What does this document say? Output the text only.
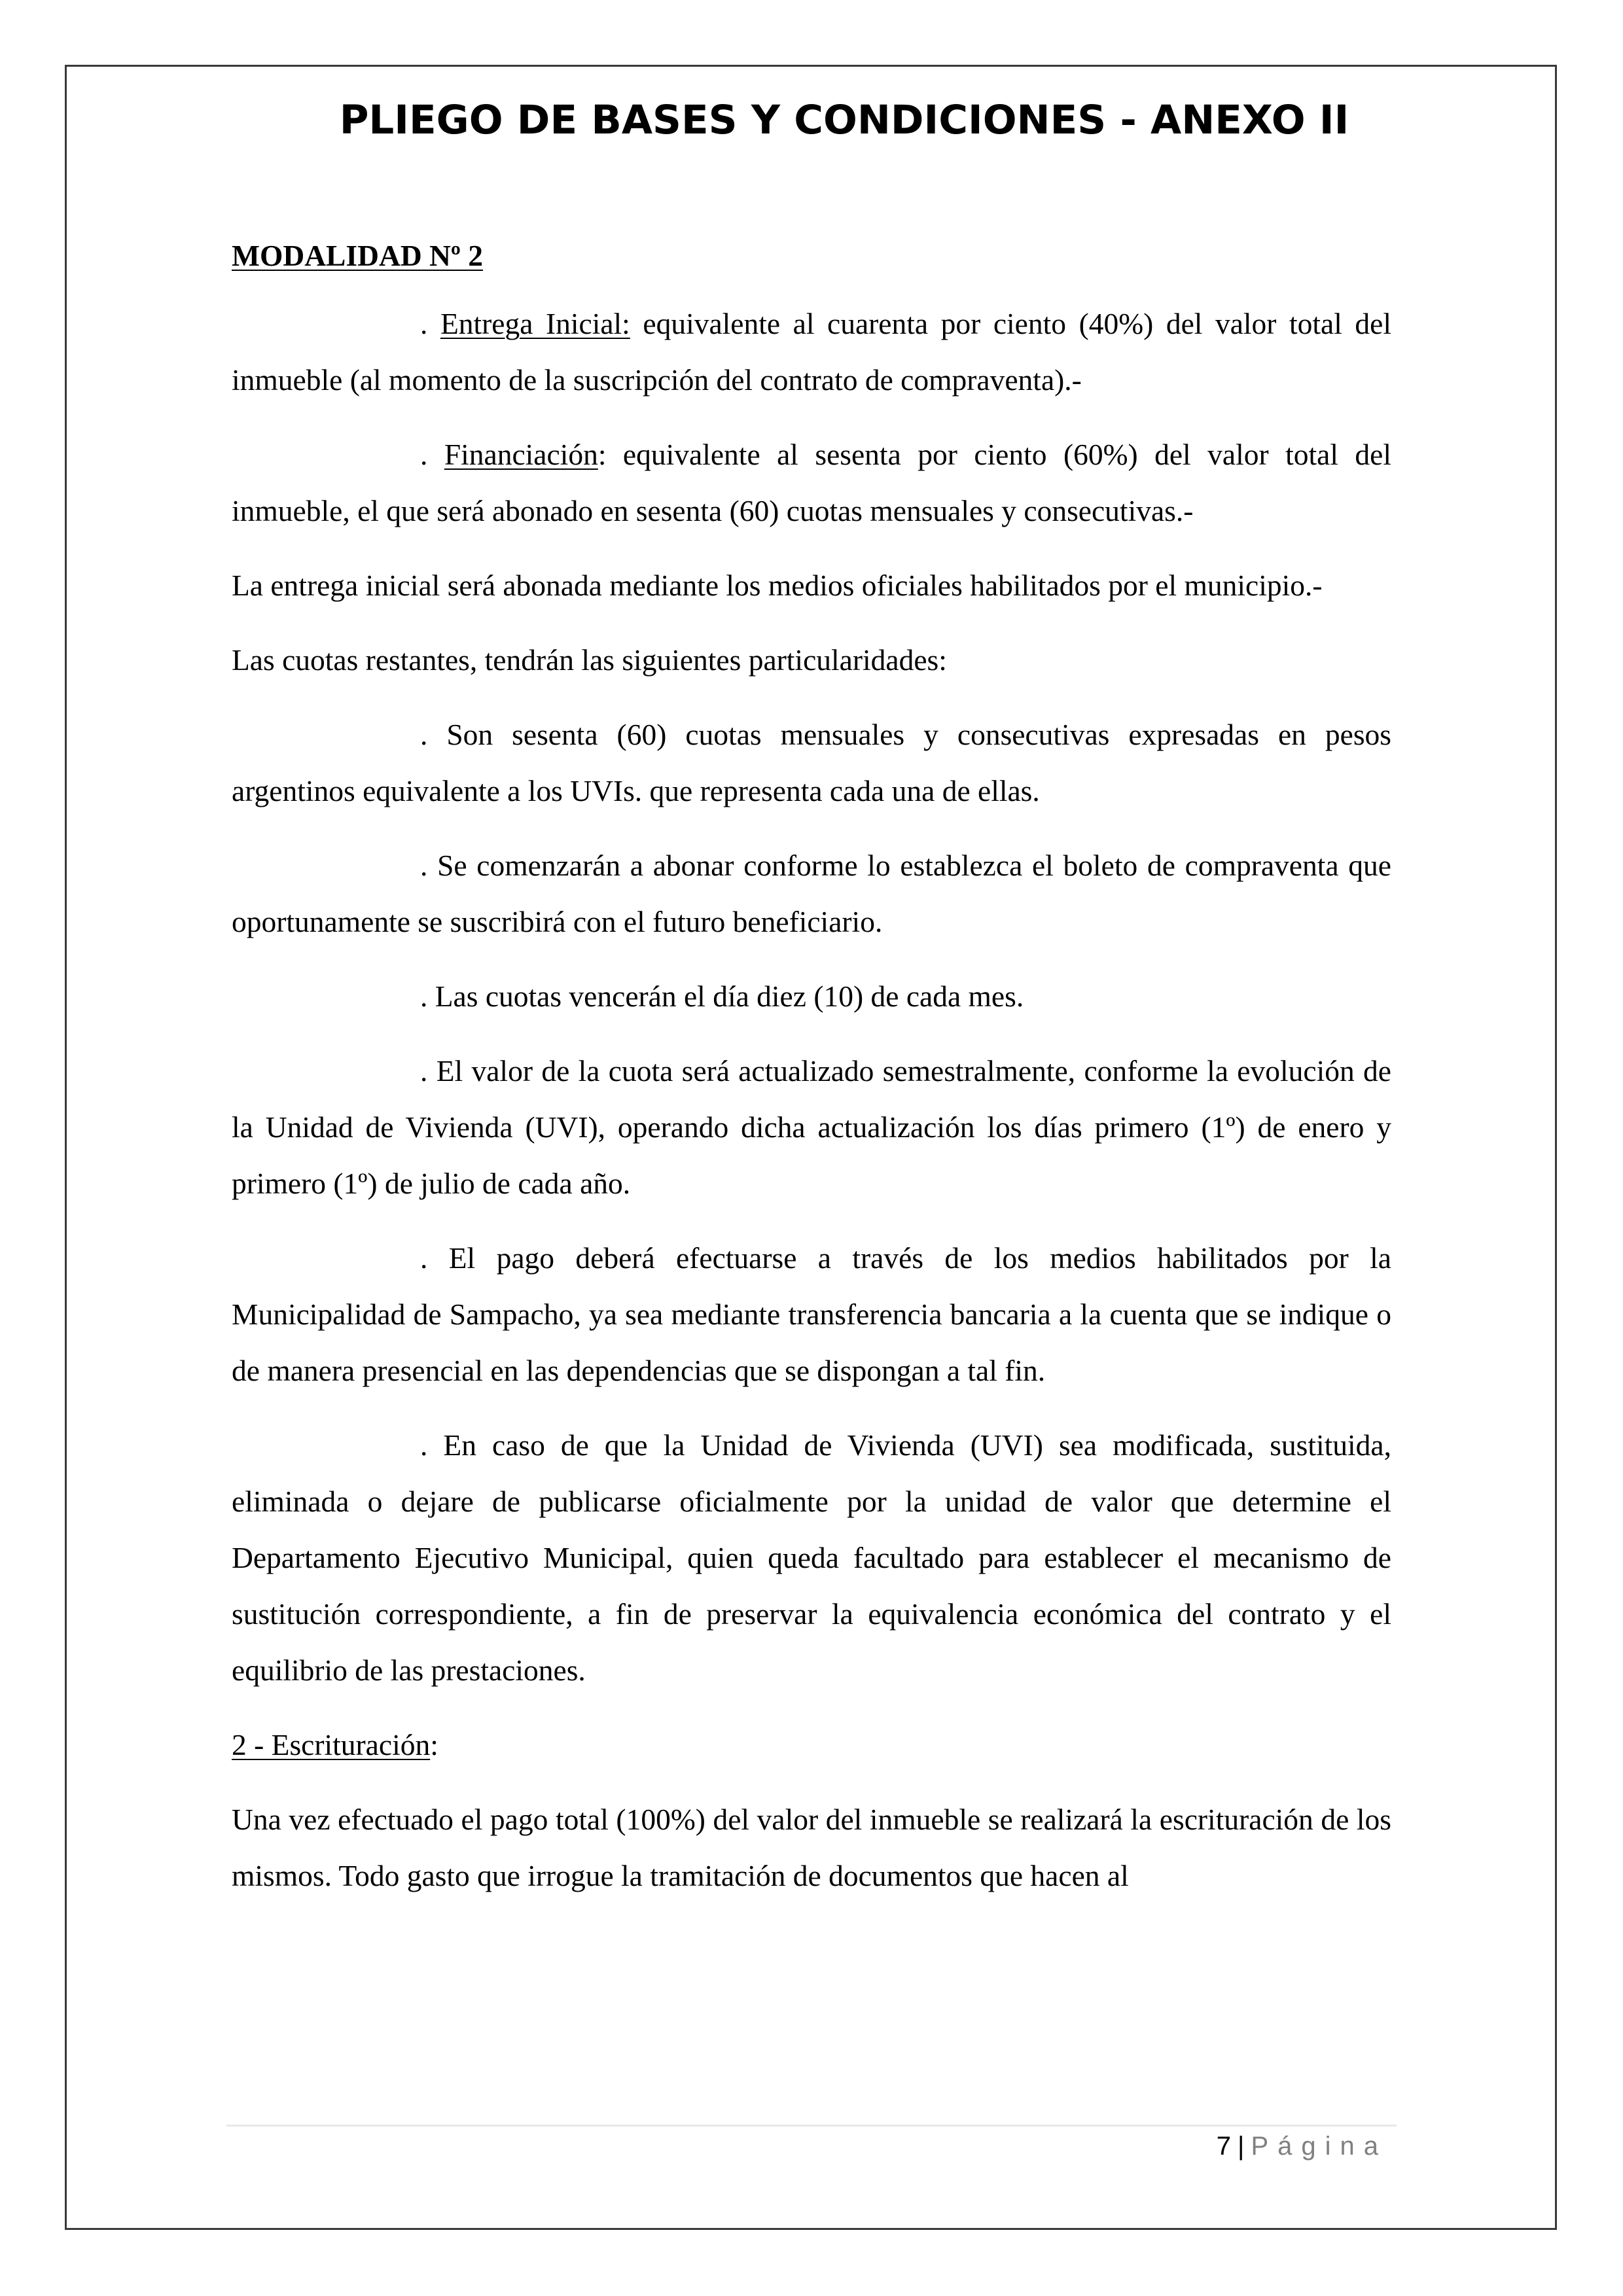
PLIEGO DE BASES Y CONDICIONES - ANEXO II

MODALIDAD Nº 2

. Entrega Inicial: equivalente al cuarenta por ciento (40%) del valor total del inmueble (al momento de la suscripción del contrato de compraventa).-

. Financiación: equivalente al sesenta por ciento (60%) del valor total del inmueble, el que será abonado en sesenta (60) cuotas mensuales y consecutivas.-

La entrega inicial será abonada mediante los medios oficiales habilitados por el municipio.-

Las cuotas restantes, tendrán las siguientes particularidades:

. Son sesenta (60) cuotas mensuales y consecutivas expresadas en pesos argentinos equivalente a los UVIs. que representa cada una de ellas.

. Se comenzarán a abonar conforme lo establezca el boleto de compraventa que oportunamente se suscribirá con el futuro beneficiario.

. Las cuotas vencerán el día diez (10) de cada mes.

. El valor de la cuota será actualizado semestralmente, conforme la evolución de la Unidad de Vivienda (UVI), operando dicha actualización los días primero (1º) de enero y primero (1º) de julio de cada año.

. El pago deberá efectuarse a través de los medios habilitados por la Municipalidad de Sampacho, ya sea mediante transferencia bancaria a la cuenta que se indique o de manera presencial en las dependencias que se dispongan a tal fin.

. En caso de que la Unidad de Vivienda (UVI) sea modificada, sustituida, eliminada o dejare de publicarse oficialmente por la unidad de valor que determine el Departamento Ejecutivo Municipal, quien queda facultado para establecer el mecanismo de sustitución correspondiente, a fin de preservar la equivalencia económica del contrato y el equilibrio de las prestaciones.

2 - Escrituración:

Una vez efectuado el pago total (100%) del valor del inmueble se realizará la escrituración de los mismos. Todo gasto que irrogue la tramitación de documentos que hacen al

7 | Página
